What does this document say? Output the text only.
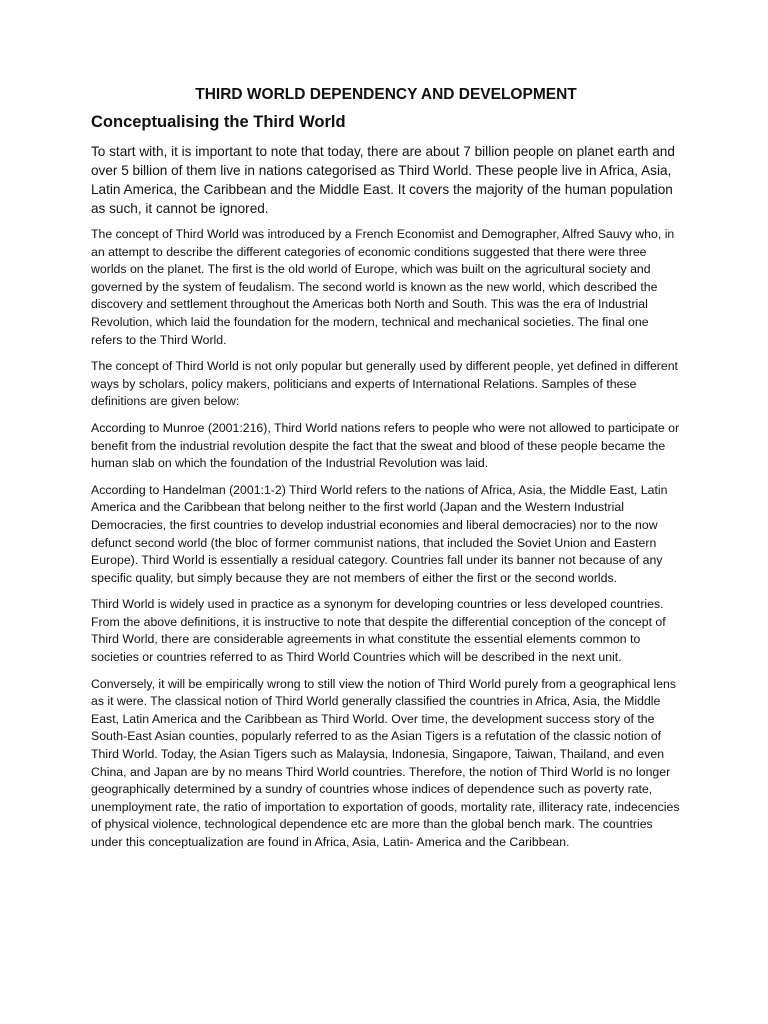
THIRD WORLD DEPENDENCY AND DEVELOPMENT
Conceptualising the Third World

To start with, it is important to note that today, there are about 7 billion people on planet earth and over 5 billion of them live in nations categorised as Third World. These people live in Africa, Asia, Latin America, the Caribbean and the Middle East. It covers the majority of the human population as such, it cannot be ignored.

The concept of Third World was introduced by a French Economist and Demographer, Alfred Sauvy who, in an attempt to describe the different categories of economic conditions suggested that there were three worlds on the planet. The first is the old world of Europe, which was built on the agricultural society and governed by the system of feudalism. The second world is known as the new world, which described the discovery and settlement throughout the Americas both North and South. This was the era of Industrial Revolution, which laid the foundation for the modern, technical and mechanical societies. The final one refers to the Third World.

The concept of Third World is not only popular but generally used by different people, yet defined in different ways by scholars, policy makers, politicians and experts of International Relations. Samples of these definitions are given below:

According to Munroe (2001:216), Third World nations refers to people who were not allowed to participate or benefit from the industrial revolution despite the fact that the sweat and blood of these people became the human slab on which the foundation of the Industrial Revolution was laid.

According to Handelman (2001:1-2) Third World refers to the nations of Africa, Asia, the Middle East, Latin America and the Caribbean that belong neither to the first world (Japan and the Western Industrial Democracies, the first countries to develop industrial economies and liberal democracies) nor to the now defunct second world (the bloc of former communist nations, that included the Soviet Union and Eastern Europe). Third World is essentially a residual category. Countries fall under its banner not because of any specific quality, but simply because they are not members of either the first or the second worlds.

Third World is widely used in practice as a synonym for developing countries or less developed countries. From the above definitions, it is instructive to note that despite the differential conception of the concept of Third World, there are considerable agreements in what constitute the essential elements common to societies or countries referred to as Third World Countries which will be described in the next unit.

Conversely, it will be empirically wrong to still view the notion of Third World purely from a geographical lens as it were. The classical notion of Third World generally classified the countries in Africa, Asia, the Middle East, Latin America and the Caribbean as Third World. Over time, the development success story of the South-East Asian counties, popularly referred to as the Asian Tigers is a refutation of the classic notion of Third World. Today, the Asian Tigers such as Malaysia, Indonesia, Singapore, Taiwan, Thailand, and even China, and Japan are by no means Third World countries. Therefore, the notion of Third World is no longer geographically determined by a sundry of countries whose indices of dependence such as poverty rate, unemployment rate, the ratio of importation to exportation of goods, mortality rate, illiteracy rate, indecencies of physical violence, technological dependence etc are more than the global bench mark. The countries under this conceptualization are found in Africa, Asia, Latin- America and the Caribbean.
